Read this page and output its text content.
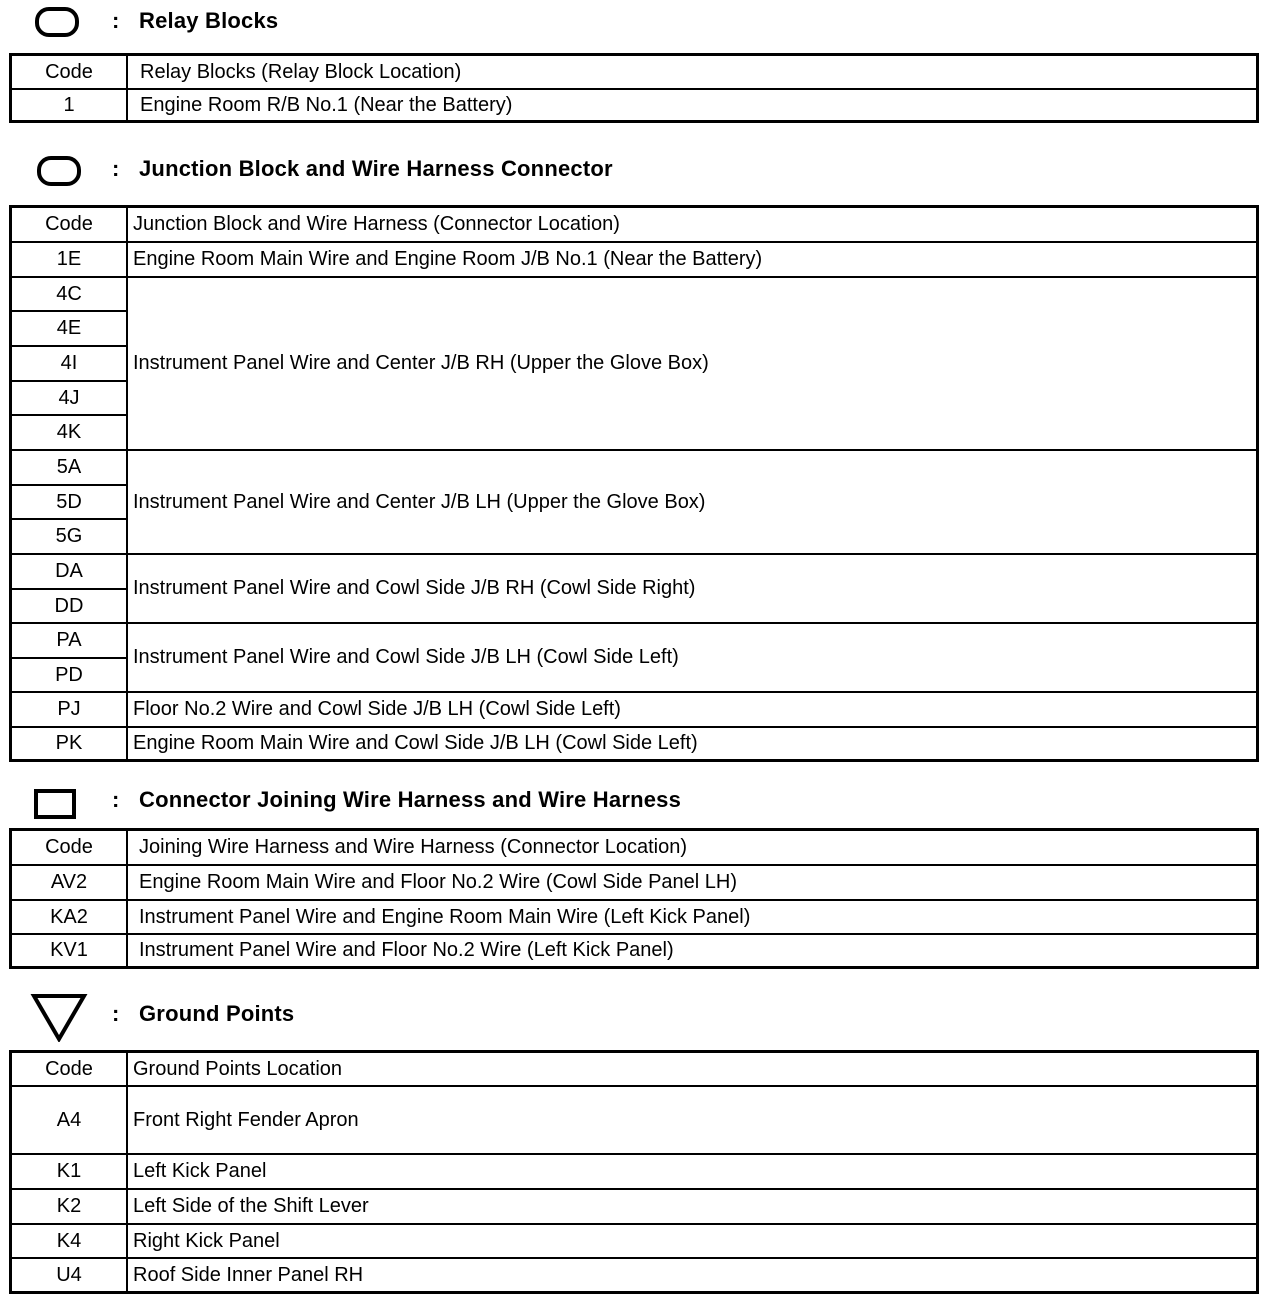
: Relay Blocks
Code	Relay Blocks (Relay Block Location)
1	Engine Room R/B No.1 (Near the Battery)
: Junction Block and Wire Harness Connector
Code	Junction Block and Wire Harness (Connector Location)
1E	Engine Room Main Wire and Engine Room J/B No.1 (Near the Battery)
4C	Instrument Panel Wire and Center J/B RH (Upper the Glove Box)
4E	
4I	
4J	
4K	
5A	Instrument Panel Wire and Center J/B LH (Upper the Glove Box)
5D	
5G	
DA	Instrument Panel Wire and Cowl Side J/B RH (Cowl Side Right)
DD	
PA	Instrument Panel Wire and Cowl Side J/B LH (Cowl Side Left)
PD	
PJ	Floor No.2 Wire and Cowl Side J/B LH (Cowl Side Left)
PK	Engine Room Main Wire and Cowl Side J/B LH (Cowl Side Left)
: Connector Joining Wire Harness and Wire Harness
Code	Joining Wire Harness and Wire Harness (Connector Location)
AV2	Engine Room Main Wire and Floor No.2 Wire (Cowl Side Panel LH)
KA2	Instrument Panel Wire and Engine Room Main Wire (Left Kick Panel)
KV1	Instrument Panel Wire and Floor No.2 Wire (Left Kick Panel)
: Ground Points
Code	Ground Points Location
A4	Front Right Fender Apron
K1	Left Kick Panel
K2	Left Side of the Shift Lever
K4	Right Kick Panel
U4	Roof Side Inner Panel RH
